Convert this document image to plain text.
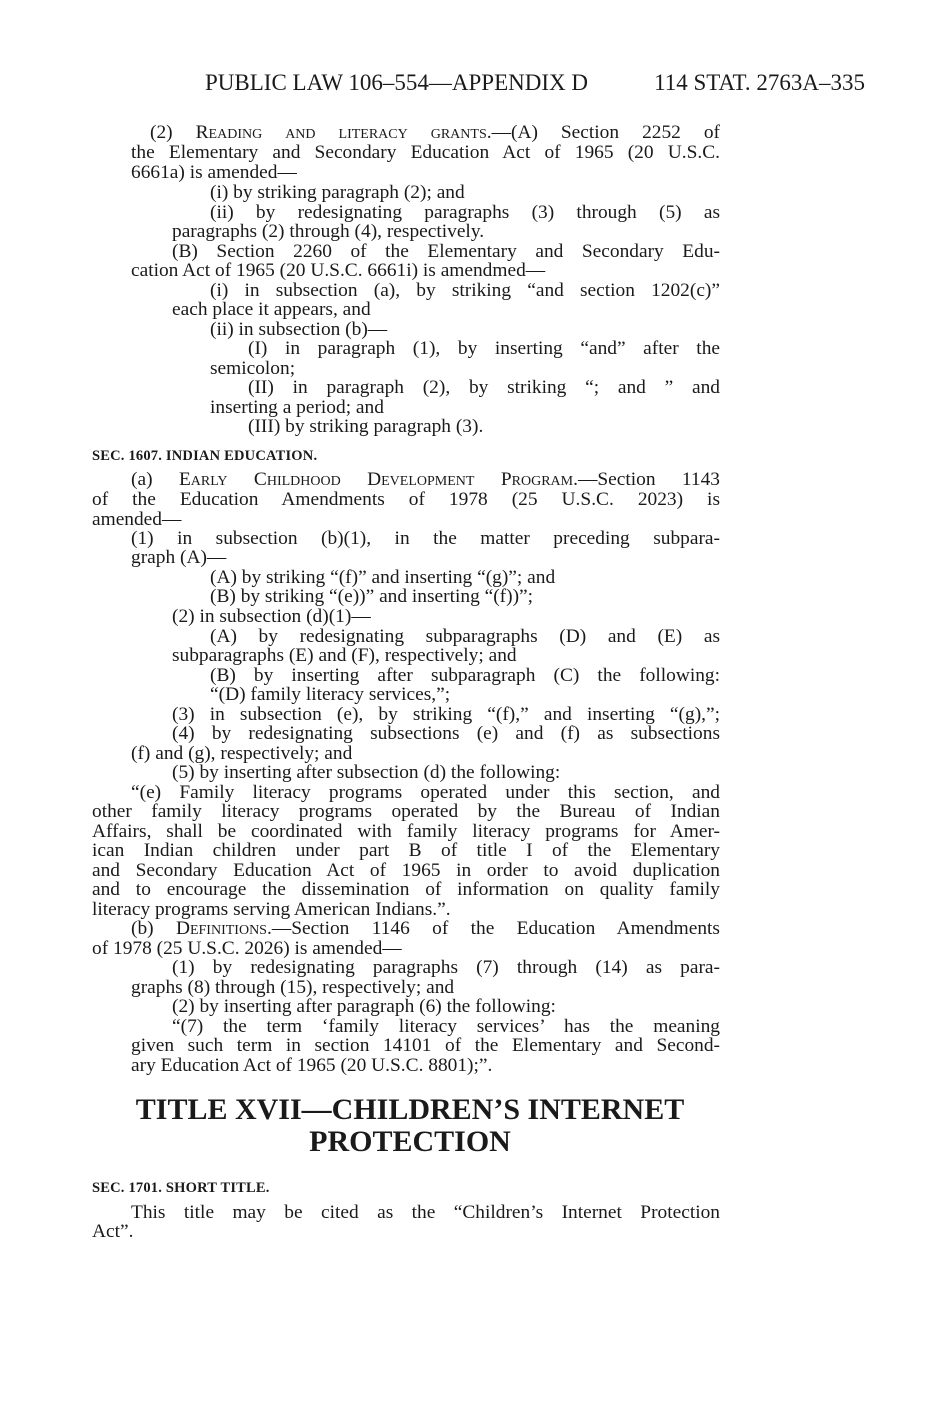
PUBLIC LAW 106–554—APPENDIX D	114 STAT. 2763A–335
(2) Reading and literacy grants.—(A) Section 2252 of
the Elementary and Secondary Education Act of 1965 (20 U.S.C.
6661a) is amended—
(i) by striking paragraph (2); and
(ii) by redesignating paragraphs (3) through (5) as
paragraphs (2) through (4), respectively.
(B) Section 2260 of the Elementary and Secondary Edu-
cation Act of 1965 (20 U.S.C. 6661i) is amendmed—
(i) in subsection (a), by striking “and section 1202(c)”
each place it appears, and
(ii) in subsection (b)—
(I) in paragraph (1), by inserting “and” after the
semicolon;
(II) in paragraph (2), by striking “; and ” and
inserting a period; and
(III) by striking paragraph (3).
SEC. 1607. INDIAN EDUCATION.
(a) Early Childhood Development Program.—Section 1143
of the Education Amendments of 1978 (25 U.S.C. 2023) is
amended—
(1) in subsection (b)(1), in the matter preceding subpara-
graph (A)—
(A) by striking “(f)” and inserting “(g)”; and
(B) by striking “(e))” and inserting “(f))”;
(2) in subsection (d)(1)—
(A) by redesignating subparagraphs (D) and (E) as
subparagraphs (E) and (F), respectively; and
(B) by inserting after subparagraph (C) the following:
“(D) family literacy services,”;
(3) in subsection (e), by striking “(f),” and inserting “(g),”;
(4) by redesignating subsections (e) and (f) as subsections
(f) and (g), respectively; and
(5) by inserting after subsection (d) the following:
“(e) Family literacy programs operated under this section, and
other family literacy programs operated by the Bureau of Indian
Affairs, shall be coordinated with family literacy programs for Amer-
ican Indian children under part B of title I of the Elementary
and Secondary Education Act of 1965 in order to avoid duplication
and to encourage the dissemination of information on quality family
literacy programs serving American Indians.”.
(b) Definitions.—Section 1146 of the Education Amendments
of 1978 (25 U.S.C. 2026) is amended—
(1) by redesignating paragraphs (7) through (14) as para-
graphs (8) through (15), respectively; and
(2) by inserting after paragraph (6) the following:
“(7) the term ‘family literacy services’ has the meaning
given such term in section 14101 of the Elementary and Second-
ary Education Act of 1965 (20 U.S.C. 8801);”.
TITLE XVII—CHILDREN’S INTERNET
PROTECTION
SEC. 1701. SHORT TITLE.
This title may be cited as the “Children’s Internet Protection
Act”.
